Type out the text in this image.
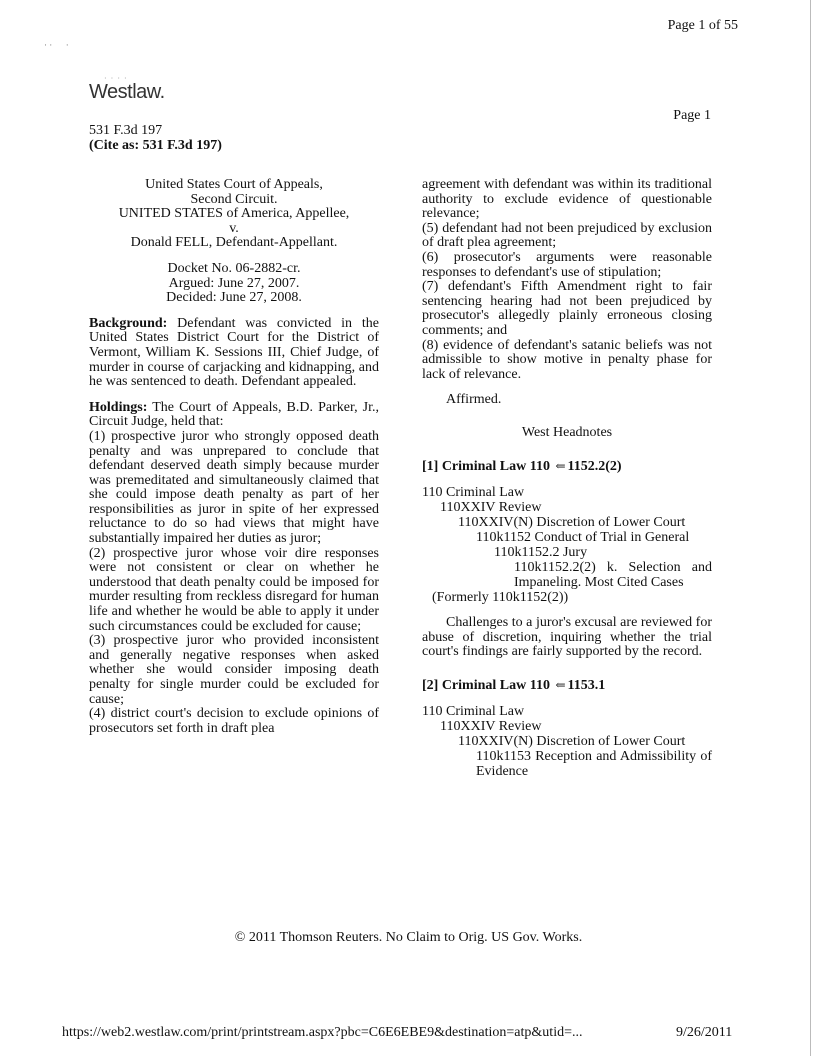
Page 1 of 55
· ·      ·
· · · ·
Westlaw.
Page 1
531 F.3d 197
(Cite as: 531 F.3d 197)
United States Court of Appeals,
Second Circuit.
UNITED STATES of America, Appellee,
v.
Donald FELL, Defendant-Appellant.
Docket No. 06-2882-cr.
Argued: June 27, 2007.
Decided: June 27, 2008.
Background: Defendant was convicted in the United States District Court for the District of Vermont, William K. Sessions III, Chief Judge, of murder in course of carjacking and kidnapping, and he was sentenced to death. Defendant appealed.
Holdings: The Court of Appeals, B.D. Parker, Jr., Circuit Judge, held that:
(1) prospective juror who strongly opposed death penalty and was unprepared to conclude that defendant deserved death simply because murder was premeditated and simultaneously claimed that she could impose death penalty as part of her responsibilities as juror in spite of her expressed reluctance to do so had views that might have substantially impaired her duties as juror;
(2) prospective juror whose voir dire responses were not consistent or clear on whether he understood that death penalty could be imposed for murder resulting from reckless disregard for human life and whether he would be able to apply it under such circumstances could be excluded for cause;
(3) prospective juror who provided inconsistent and generally negative responses when asked whether she would consider imposing death penalty for single murder could be excluded for cause;
(4) district court's decision to exclude opinions of prosecutors set forth in draft plea
agreement with defendant was within its traditional authority to exclude evidence of questionable relevance;
(5) defendant had not been prejudiced by exclusion of draft plea agreement;
(6) prosecutor's arguments were reasonable responses to defendant's use of stipulation;
(7) defendant's Fifth Amendment right to fair sentencing hearing had not been prejudiced by prosecutor's allegedly plainly erroneous closing comments; and
(8) evidence of defendant's satanic beliefs was not admissible to show motive in penalty phase for lack of relevance.
Affirmed.
West Headnotes
[1] Criminal Law 110 ⇐ 1152.2(2)
110 Criminal Law
110XXIV Review
110XXIV(N) Discretion of Lower Court
110k1152 Conduct of Trial in General
110k1152.2 Jury
110k1152.2(2) k. Selection and Impaneling. Most Cited Cases
(Formerly 110k1152(2))
Challenges to a juror's excusal are reviewed for abuse of discretion, inquiring whether the trial court's findings are fairly supported by the record.
[2] Criminal Law 110 ⇐ 1153.1
110 Criminal Law
110XXIV Review
110XXIV(N) Discretion of Lower Court
110k1153 Reception and Admissibility of Evidence
© 2011 Thomson Reuters. No Claim to Orig. US Gov. Works.
https://web2.westlaw.com/print/printstream.aspx?pbc=C6E6EBE9&destination=atp&utid=...	9/26/2011
